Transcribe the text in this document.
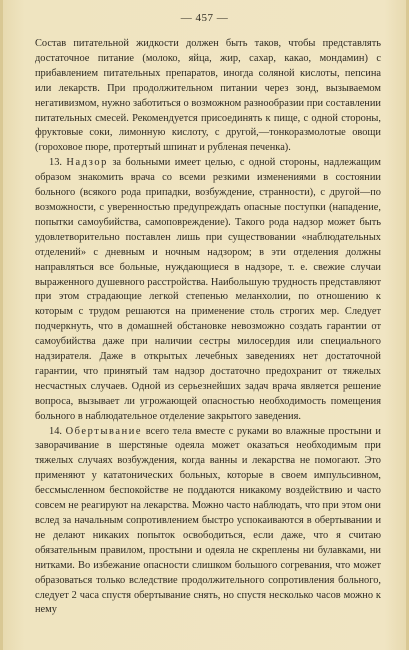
— 457 —

Состав питательной жидкости должен быть таков, чтобы представлять достаточное питание (молоко, яйца, жир, сахар, какао, мондамин) с прибавлением питательных препаратов, иногда соляной кислоты, пепсина или лекарств. При продолжительном питании через зонд, вызываемом негативизмом, нужно заботиться о возможном разнообразии при составлении питательных смесей. Рекомендуется присоединять к пище, с одной стороны, фруктовые соки, лимонную кислоту, с другой,—тонкоразмолотые овощи (гороховое пюре, протертый шпинат и рубленая печенка).

13. Надзор за больными имеет целью, с одной стороны, надлежащим образом знакомить врача со всеми резкими изменениями в состоянии больного (всякого рода припадки, возбуждение, странности), с другой—по возможности, с уверенностью предупреждать опасные поступки (нападение, попытки самоубийства, самоповреждение). Такого рода надзор может быть удовлетворительно поставлен лишь при существовании «наблюдательных отделений» с дневным и ночным надзором; в эти отделения должны направляться все больные, нуждающиеся в надзоре, т. е. свежие случаи выраженного душевного расстройства. Наибольшую трудность представляют при этом страдающие легкой степенью меланхолии, по отношению к которым с трудом решаются на применение столь строгих мер. Следует подчеркнуть, что в домашней обстановке невозможно создать гарантии от самоубийства даже при наличии сестры милосердия или специального надзирателя. Даже в открытых лечебных заведениях нет достаточной гарантии, что принятый там надзор достаточно предохранит от тяжелых несчастных случаев. Одной из серьезнейших задач врача является решение вопроса, вызывает ли угрожающей опасностью необходимость помещения больного в наблюдательное отделение закрытого заведения.

14. Обертывание всего тела вместе с руками во влажные простыни и заворачивание в шерстяные одеяла может оказаться необходимым при тяжелых случаях возбуждения, когда ванны и лекарства не помогают. Это применяют у кататонических больных, которые в своем импульсивном, бессмысленном беспокойстве не поддаются никакому воздействию и часто совсем не реагируют на лекарства. Можно часто наблюдать, что при этом они вслед за начальным сопротивлением быстро успокаиваются в обертывании и не делают никаких попыток освободиться, если даже, что я считаю обязательным правилом, простыни и одеяла не скреплены ни булавками, ни нитками. Во избежание опасности слишком большого согревания, что может образоваться только вследствие продолжительного сопротивления больного, следует 2 часа спустя обертывание снять, но спустя несколько часов можно к нему
